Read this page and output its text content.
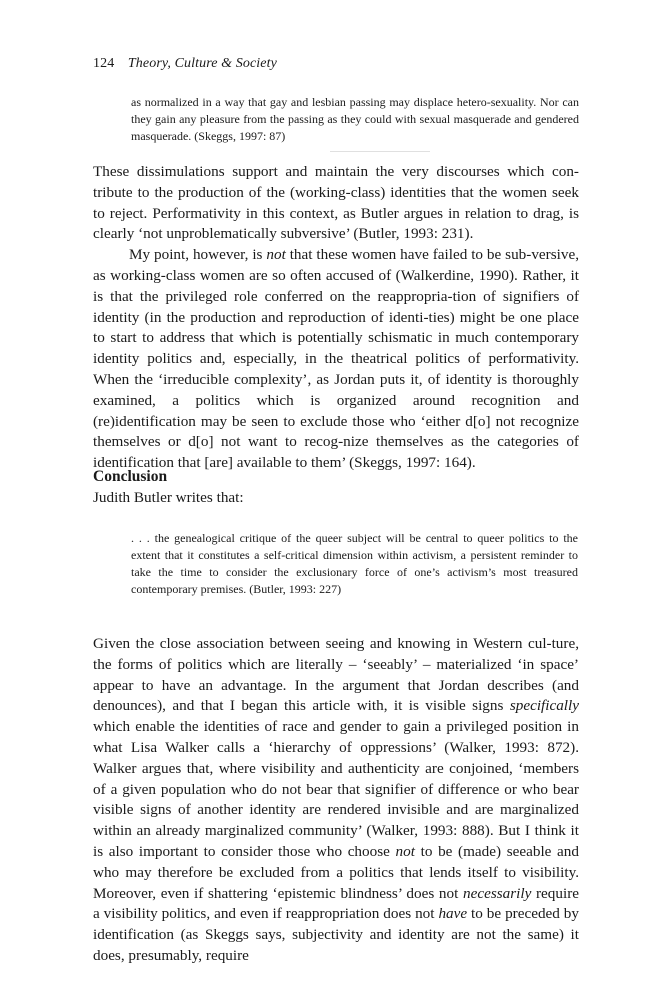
124 Theory, Culture & Society
as normalized in a way that gay and lesbian passing may displace hetero-sexuality. Nor can they gain any pleasure from the passing as they could with sexual masquerade and gendered masquerade. (Skeggs, 1997: 87)
These dissimulations support and maintain the very discourses which con-tribute to the production of the (working-class) identities that the women seek to reject. Performativity in this context, as Butler argues in relation to drag, is clearly ‘not unproblematically subversive’ (Butler, 1993: 231).
My point, however, is not that these women have failed to be sub-versive, as working-class women are so often accused of (Walkerdine, 1990). Rather, it is that the privileged role conferred on the reappropria-tion of signifiers of identity (in the production and reproduction of identi-ties) might be one place to start to address that which is potentially schismatic in much contemporary identity politics and, especially, in the theatrical politics of performativity. When the ‘irreducible complexity’, as Jordan puts it, of identity is thoroughly examined, a politics which is organized around recognition and (re)identification may be seen to exclude those who ‘either d[o] not recognize themselves or d[o] not want to recog-nize themselves as the categories of identification that [are] available to them’ (Skeggs, 1997: 164).
Conclusion
Judith Butler writes that:
. . . the genealogical critique of the queer subject will be central to queer politics to the extent that it constitutes a self-critical dimension within activism, a persistent reminder to take the time to consider the exclusionary force of one’s activism’s most treasured contemporary premises. (Butler, 1993: 227)
Given the close association between seeing and knowing in Western cul-ture, the forms of politics which are literally – ‘seeably’ – materialized ‘in space’ appear to have an advantage. In the argument that Jordan describes (and denounces), and that I began this article with, it is visible signs specifically which enable the identities of race and gender to gain a privileged position in what Lisa Walker calls a ‘hierarchy of oppressions’ (Walker, 1993: 872). Walker argues that, where visibility and authenticity are conjoined, ‘members of a given population who do not bear that signifier of difference or who bear visible signs of another identity are rendered invisible and are marginalized within an already marginalized community’ (Walker, 1993: 888). But I think it is also important to consider those who choose not to be (made) seeable and who may therefore be excluded from a politics that lends itself to visibility. Moreover, even if shattering ‘epistemic blindness’ does not necessarily require a visibility politics, and even if reappropriation does not have to be preceded by identification (as Skeggs says, subjectivity and identity are not the same) it does, presumably, require
